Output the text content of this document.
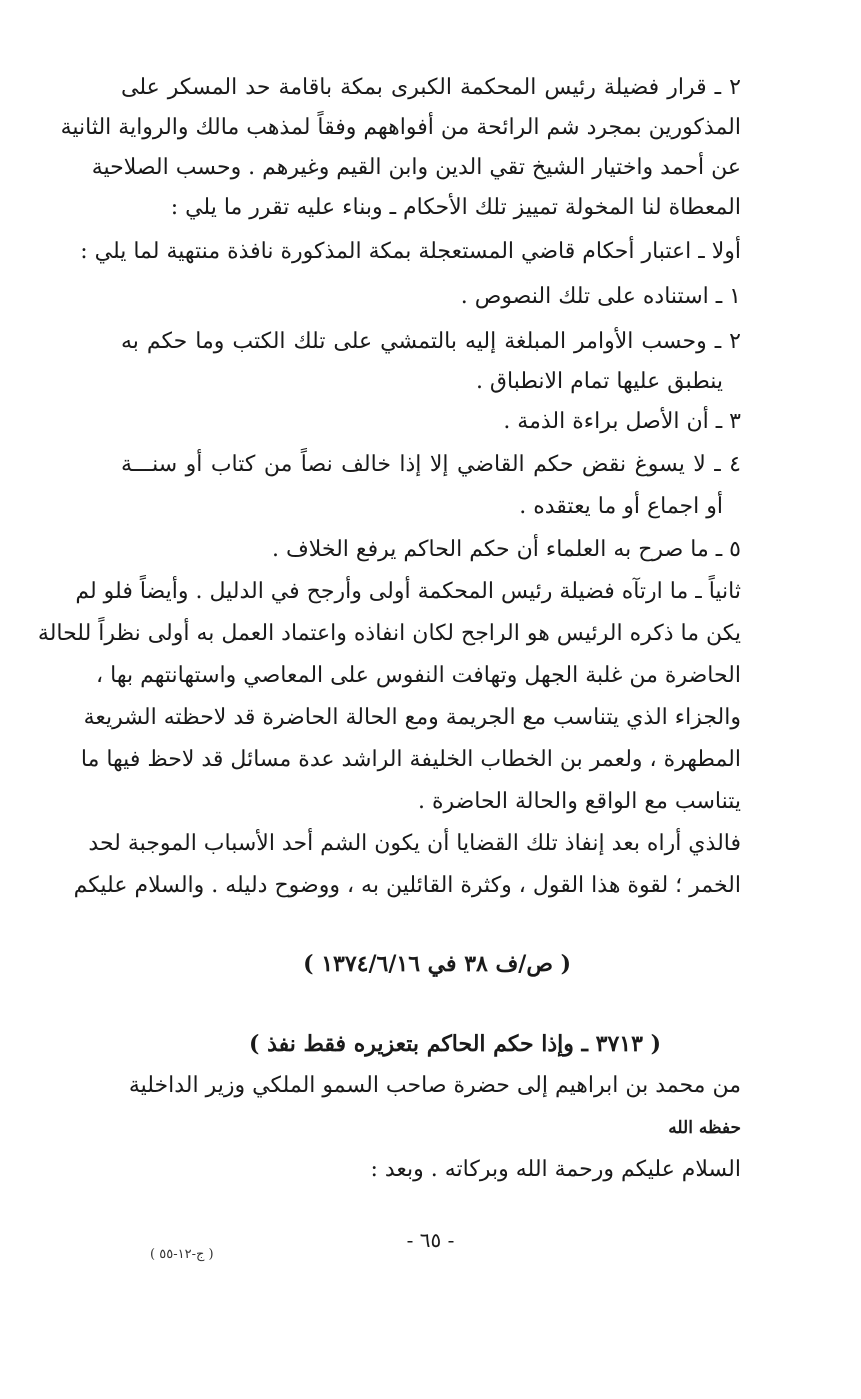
٢ ـ قرار فضيلة رئيس المحكمة الكبرى بمكة باقامة حد المسكر على
المذكورين بمجرد شم الرائحة من أفواههم وفقاً لمذهب مالك والرواية الثانية
عن أحمد واختيار الشيخ تقي الدين وابن القيم وغيرهم . وحسب الصلاحية
المعطاة لنا المخولة تمييز تلك الأحكام ـ وبناء عليه تقرر ما يلي :
أولا ـ اعتبار أحكام قاضي المستعجلة بمكة المذكورة نافذة منتهية لما يلي :
١ ـ استناده على تلك النصوص .
٢ ـ وحسب الأوامر المبلغة إليه بالتمشي على تلك الكتب وما حكم به
ينطبق عليها تمام الانطباق .
٣ ـ أن الأصل براءة الذمة .
٤ ـ لا يسوغ نقض حكم القاضي إلا إذا خالف نصاً من كتاب أو سنـــة
أو اجماع أو ما يعتقده .
٥ ـ ما صرح به العلماء أن حكم الحاكم يرفع الخلاف .
ثانياً ـ ما ارتآه فضيلة رئيس المحكمة أولى وأرجح في الدليل . وأيضاً فلو لم
يكن ما ذكره الرئيس هو الراجح لكان انفاذه واعتماد العمل به أولى نظراً للحالة
الحاضرة من غلبة الجهل وتهافت النفوس على المعاصي واستهانتهم بها ،
والجزاء الذي يتناسب مع الجريمة ومع الحالة الحاضرة قد لاحظته الشريعة
المطهرة ، ولعمر بن الخطاب الخليفة الراشد عدة مسائل قد لاحظ فيها ما
يتناسب مع الواقع والحالة الحاضرة .
فالذي أراه بعد إنفاذ تلك القضايا أن يكون الشم أحد الأسباب الموجبة لحد
الخمر ؛ لقوة هذا القول ، وكثرة القائلين به ، ووضوح دليله . والسلام عليكم
( ص/ف ٣٨ في ١٣٧٤/٦/١٦ )
( ٣٧١٣ ـ وإذا حكم الحاكم بتعزيره فقط نفذ )
من محمد بن ابراهيم إلى حضرة صاحب السمو الملكي وزير الداخلية
حفظه الله
السلام عليكم ورحمة الله وبركاته . وبعد :
- ٦٥ -
( ج-١٢-٥٥ )
